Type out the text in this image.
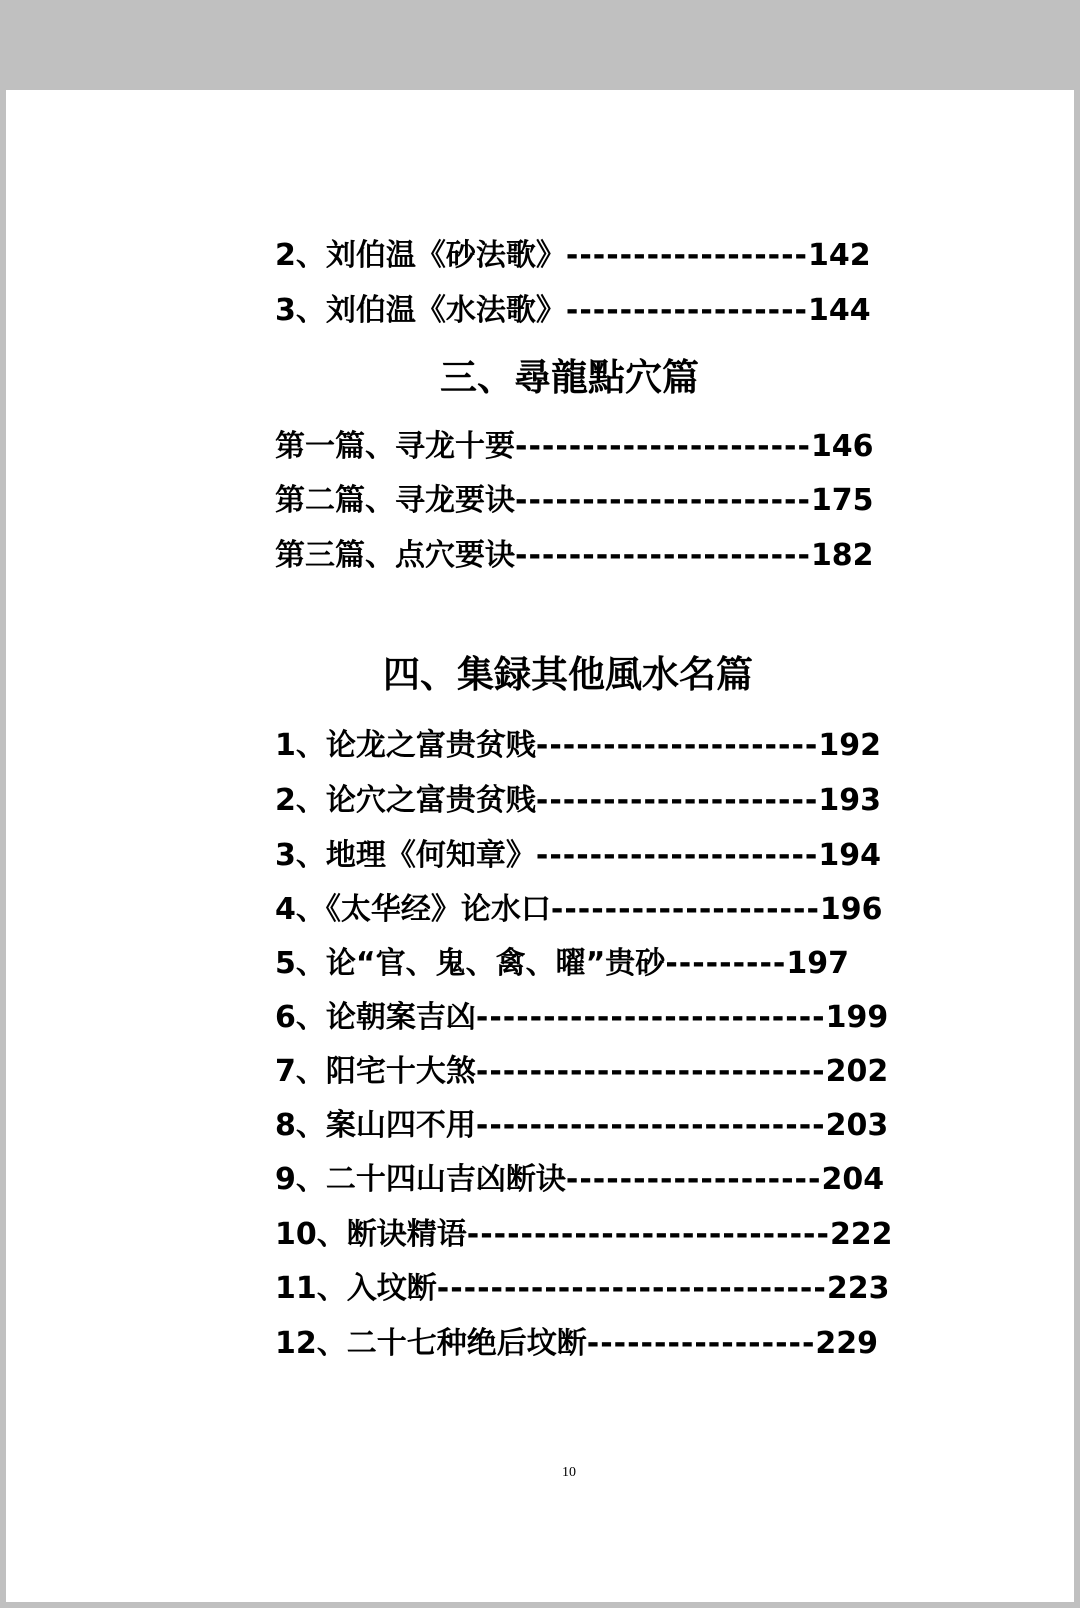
2、刘伯温《砂法歌》------------------142
3、刘伯温《水法歌》------------------144
三、尋龍點穴篇
第一篇、寻龙十要----------------------146
第二篇、寻龙要诀----------------------175
第三篇、点穴要诀----------------------182
四、集録其他風水名篇
1、论龙之富贵贫贱---------------------192
2、论穴之富贵贫贱---------------------193
3、地理《何知章》---------------------194
4、《太华经》论水口--------------------196
5、论“官、鬼、禽、曜”贵砂---------197
6、论朝案吉凶--------------------------199
7、阳宅十大煞--------------------------202
8、案山四不用--------------------------203
9、二十四山吉凶断诀-------------------204
10、断诀精语---------------------------222
11、入坟断-----------------------------223
12、二十七种绝后坟断-----------------229
10
